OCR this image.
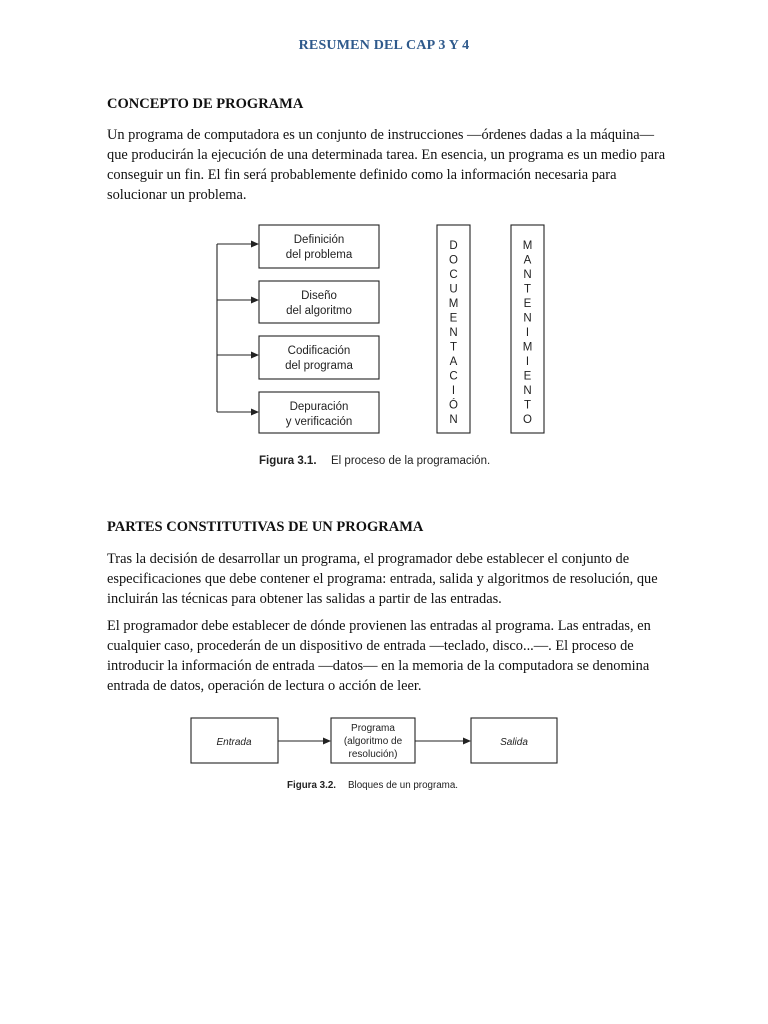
RESUMEN DEL CAP 3 Y 4
CONCEPTO DE PROGRAMA

Un programa de computadora es un conjunto de instrucciones —órdenes dadas a la máquina— que producirán la ejecución de una determinada tarea. En esencia, un programa es un medio para conseguir un fin. El fin será probablemente definido como la información necesaria para solucionar un problema.

Definición
del problema
Diseño
del algoritmo
Codificación
del programa
Depuración
y verificación
D
O
C
U
M
E
N
T
A
C
I
Ó
N
M
A
N
T
E
N
I
M
I
E
N
T
O
Figura 3.1. El proceso de la programación.
PARTES CONSTITUTIVAS DE UN PROGRAMA

Tras la decisión de desarrollar un programa, el programador debe establecer el conjunto de especificaciones que debe contener el programa: entrada, salida y algoritmos de resolución, que incluirán las técnicas para obtener las salidas a partir de las entradas.

El programador debe establecer de dónde provienen las entradas al programa. Las entradas, en cualquier caso, procederán de un dispositivo de entrada —teclado, disco...—. El proceso de introducir la información de entrada —datos— en la memoria de la computadora se denomina entrada de datos, operación de lectura o acción de leer.

Entrada
Programa
(algoritmo de
resolución)
Salida
Figura 3.2. Bloques de un programa.
